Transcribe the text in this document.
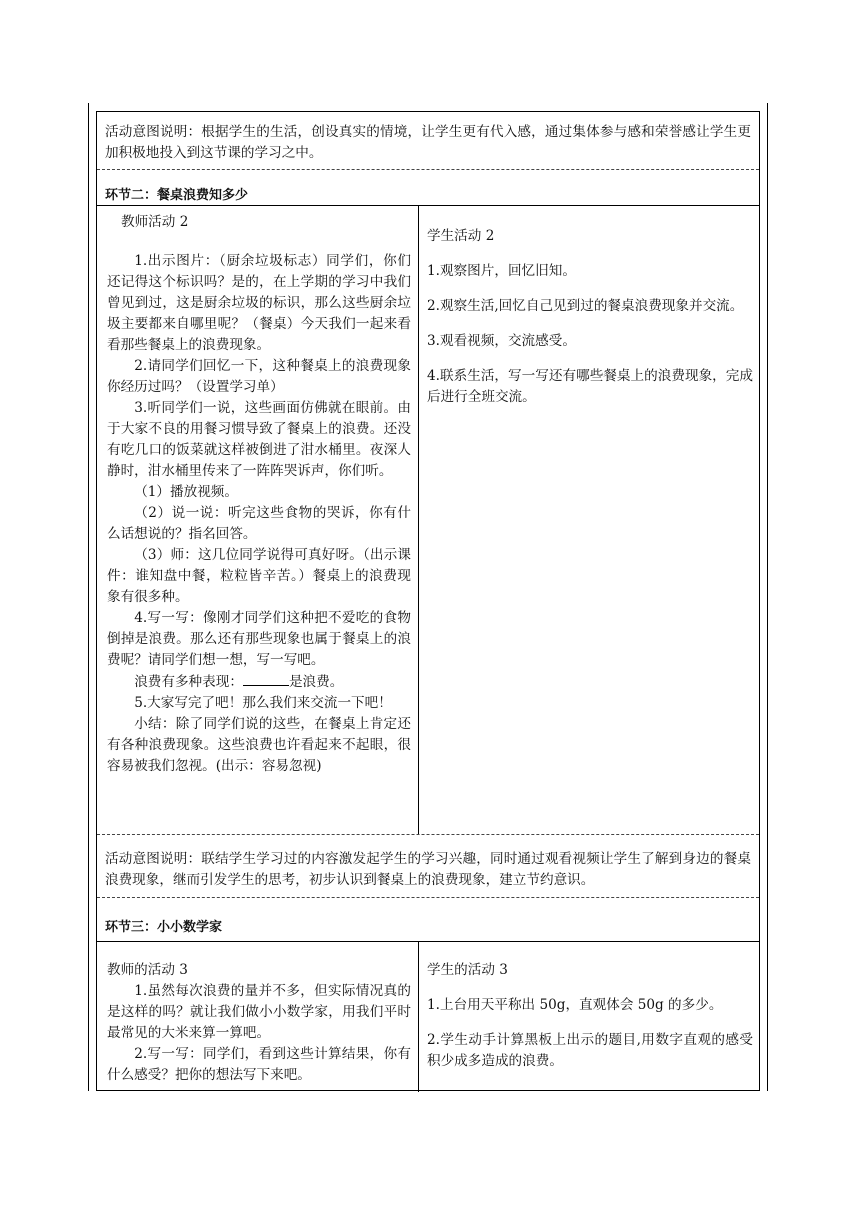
活动意图说明：根据学生的生活，创设真实的情境，让学生更有代入感，通过集体参与感和荣誉感让学生更加积极地投入到这节课的学习之中。

环节二：餐桌浪费知多少
教师活动 2

1.出示图片：（厨余垃圾标志）同学们，你们还记得这个标识吗？是的，在上学期的学习中我们曾见到过，这是厨余垃圾的标识，那么这些厨余垃圾主要都来自哪里呢？（餐桌）今天我们一起来看看那些餐桌上的浪费现象。

2.请同学们回忆一下，这种餐桌上的浪费现象你经历过吗？（设置学习单）

3.听同学们一说，这些画面仿佛就在眼前。由于大家不良的用餐习惯导致了餐桌上的浪费。还没有吃几口的饭菜就这样被倒进了泔水桶里。夜深人静时，泔水桶里传来了一阵阵哭诉声，你们听。

（1）播放视频。

（2）说一说：听完这些食物的哭诉，你有什么话想说的？指名回答。

（3）师：这几位同学说得可真好呀。（出示课件：谁知盘中餐，粒粒皆辛苦。）餐桌上的浪费现象有很多种。

4.写一写：像刚才同学们这种把不爱吃的食物倒掉是浪费。那么还有那些现象也属于餐桌上的浪费呢？请同学们想一想，写一写吧。

浪费有多种表现：	是浪费。

5.大家写完了吧！那么我们来交流一下吧！

小结：除了同学们说的这些，在餐桌上肯定还有各种浪费现象。这些浪费也许看起来不起眼，很容易被我们忽视。(出示：容易忽视)

学生活动 2

1.观察图片，回忆旧知。

2.观察生活,回忆自己见到过的餐桌浪费现象并交流。

3.观看视频，交流感受。

4.联系生活，写一写还有哪些餐桌上的浪费现象，完成后进行全班交流。

活动意图说明：联结学生学习过的内容激发起学生的学习兴趣，同时通过观看视频让学生了解到身边的餐桌浪费现象，继而引发学生的思考，初步认识到餐桌上的浪费现象，建立节约意识。

环节三：小小数学家
教师的活动 3

1.虽然每次浪费的量并不多，但实际情况真的是这样的吗？就让我们做小小数学家，用我们平时最常见的大米来算一算吧。

2.写一写：同学们，看到这些计算结果，你有什么感受？把你的想法写下来吧。

学生的活动 3

1.上台用天平称出 50g，直观体会 50g 的多少。

2.学生动手计算黑板上出示的题目,用数字直观的感受积少成多造成的浪费。
